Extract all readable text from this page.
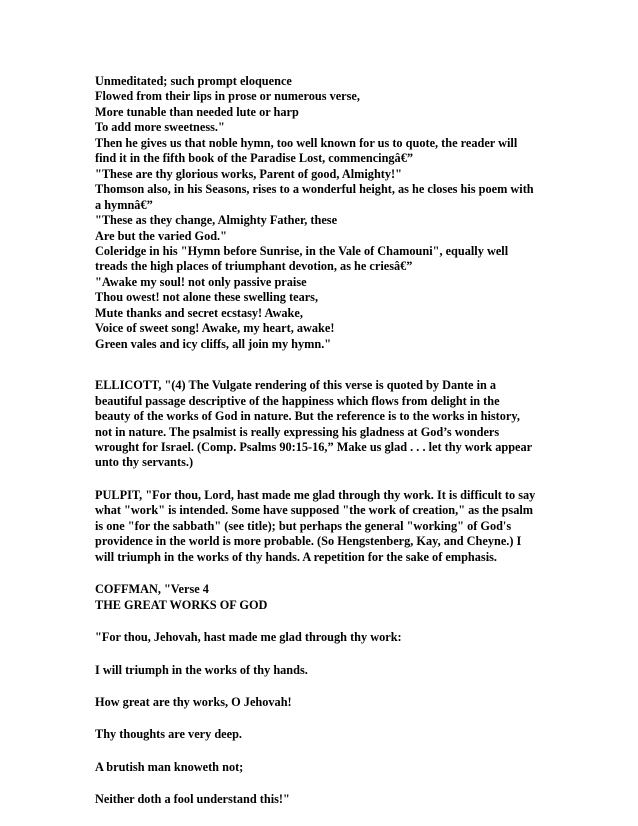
Unmeditated; such prompt eloquence
Flowed from their lips in prose or numerous verse,
More tunable than needed lute or harp
To add more sweetness."
Then he gives us that noble hymn, too well known for us to quote, the reader will
find it in the fifth book of the Paradise Lost, commencingâ€”
"These are thy glorious works, Parent of good, Almighty!"
Thomson also, in his Seasons, rises to a wonderful height, as he closes his poem with
a hymnâ€”
"These as they change, Almighty Father, these
Are but the varied God."
Coleridge in his "Hymn before Sunrise, in the Vale of Chamouni", equally well
treads the high places of triumphant devotion, as he criesâ€”
"Awake my soul! not only passive praise
Thou owest! not alone these swelling tears,
Mute thanks and secret ecstasy! Awake,
Voice of sweet song! Awake, my heart, awake!
Green vales and icy cliffs, all join my hymn."

ELLICOTT, "(4) The Vulgate rendering of this verse is quoted by Dante in a
beautiful passage descriptive of the happiness which flows from delight in the
beauty of the works of God in nature. But the reference is to the works in history,
not in nature. The psalmist is really expressing his gladness at God’s wonders
wrought for Israel. (Comp. Psalms 90:15-16,” Make us glad . . . let thy work appear
unto thy servants.)

PULPIT, "For thou, Lord, hast made me glad through thy work. It is difficult to say
what "work" is intended. Some have supposed "the work of creation," as the psalm
is one "for the sabbath" (see title); but perhaps the general "working" of God's
providence in the world is more probable. (So Hengstenberg, Kay, and Cheyne.) I
will triumph in the works of thy hands. A repetition for the sake of emphasis.

COFFMAN, "Verse 4
THE GREAT WORKS OF GOD

"For thou, Jehovah, hast made me glad through thy work:

I will triumph in the works of thy hands.

How great are thy works, O Jehovah!

Thy thoughts are very deep.

A brutish man knoweth not;

Neither doth a fool understand this!"
